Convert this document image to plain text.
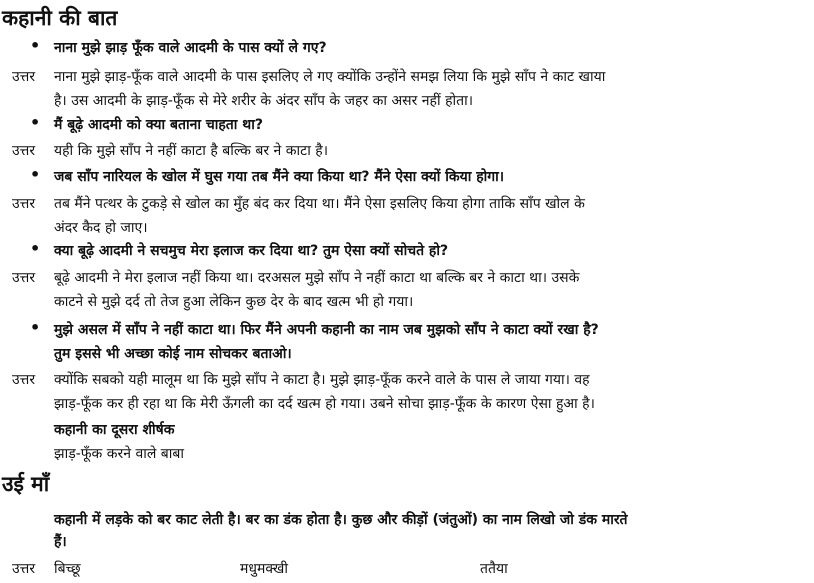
कहानी की बात
• नाना मुझे झाड़ फूँक वाले आदमी के पास क्यों ले गए?
उत्तर नाना मुझे झाड़-फूँक वाले आदमी के पास इसलिए ले गए क्योंकि उन्होंने समझ लिया कि मुझे साँप ने काट खाया
है। उस आदमी के झाड़-फूँक से मेरे शरीर के अंदर साँप के जहर का असर नहीं होता।
• मैं बूढ़े आदमी को क्या बताना चाहता था?
उत्तर यही कि मुझे साँप ने नहीं काटा है बल्कि बर ने काटा है।
• जब साँप नारियल के खोल में घुस गया तब मैंने क्या किया था? मैंने ऐसा क्यों किया होगा।
उत्तर तब मैंने पत्थर के टुकड़े से खोल का मुँह बंद कर दिया था। मैंने ऐसा इसलिए किया होगा ताकि साँप खोल के
अंदर कैद हो जाए।
• क्या बूढ़े आदमी ने सचमुच मेरा इलाज कर दिया था? तुम ऐसा क्यों सोचते हो?
उत्तर बूढ़े आदमी ने मेरा इलाज नहीं किया था। दरअसल मुझे साँप ने नहीं काटा था बल्कि बर ने काटा था। उसके
काटने से मुझे दर्द तो तेज हुआ लेकिन कुछ देर के बाद खत्म भी हो गया।
• मुझे असल में साँप ने नहीं काटा था। फिर मैंने अपनी कहानी का नाम जब मुझको साँप ने काटा क्यों रखा है?
तुम इससे भी अच्छा कोई नाम सोचकर बताओ।
उत्तर क्योंकि सबको यही मालूम था कि मुझे साँप ने काटा है। मुझे झाड़-फूँक करने वाले के पास ले जाया गया। वह
झाड़-फूँक कर ही रहा था कि मेरी ऊँगली का दर्द खत्म हो गया। उबने सोचा झाड़-फूँक के कारण ऐसा हुआ है।
कहानी का दूसरा शीर्षक
झाड़-फूँक करने वाले बाबा
उई माँ
कहानी में लड़के को बर काट लेती है। बर का डंक होता है। कुछ और कीड़ों (जंतुओं) का नाम लिखो जो डंक मारते
हैं।
उत्तर बिच्छू	मधुमक्खी	ततैया
